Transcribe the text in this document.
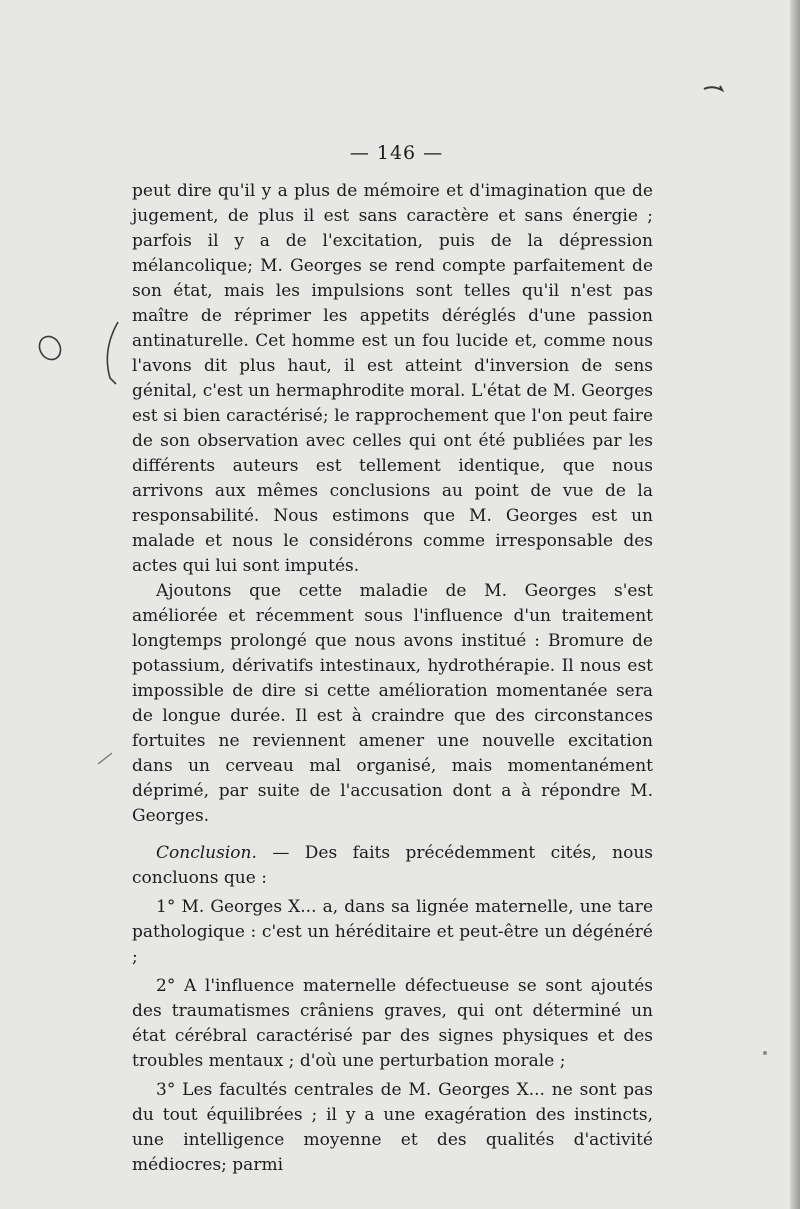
— 146 —

peut dire qu'il y a plus de mémoire et d'imagination que de jugement, de plus il est sans caractère et sans énergie ; parfois il y a de l'excitation, puis de la dépression mélancolique; M. Georges se rend compte parfaitement de son état, mais les impulsions sont telles qu'il n'est pas maître de réprimer les appetits déréglés d'une passion antinaturelle. Cet homme est un fou lucide et, comme nous l'avons dit plus haut, il est atteint d'inversion de sens génital, c'est un hermaphrodite moral. L'état de M. Georges est si bien caractérisé; le rapprochement que l'on peut faire de son observation avec celles qui ont été publiées par les différents auteurs est tellement identique, que nous arrivons aux mêmes conclusions au point de vue de la responsabilité. Nous estimons que M. Georges est un malade et nous le considérons comme irresponsable des actes qui lui sont imputés.

Ajoutons que cette maladie de M. Georges s'est améliorée et récemment sous l'influence d'un traitement longtemps prolongé que nous avons institué : Bromure de potassium, dérivatifs intestinaux, hydrothérapie. Il nous est impossible de dire si cette amélioration momentanée sera de longue durée. Il est à craindre que des circonstances fortuites ne reviennent amener une nouvelle excitation dans un cerveau mal organisé, mais momentanément déprimé, par suite de l'accusation dont a à répondre M. Georges.

Conclusion. — Des faits précédemment cités, nous concluons que :

1° M. Georges X... a, dans sa lignée maternelle, une tare pathologique : c'est un héréditaire et peut-être un dégénéré ;

2° A l'influence maternelle défectueuse se sont ajoutés des traumatismes crâniens graves, qui ont déterminé un état cérébral caractérisé par des signes physiques et des troubles mentaux ; d'où une perturbation morale ;

3° Les facultés centrales de M. Georges X... ne sont pas du tout équilibrées ; il y a une exagération des instincts, une intelligence moyenne et des qualités d'activité médiocres; parmi
